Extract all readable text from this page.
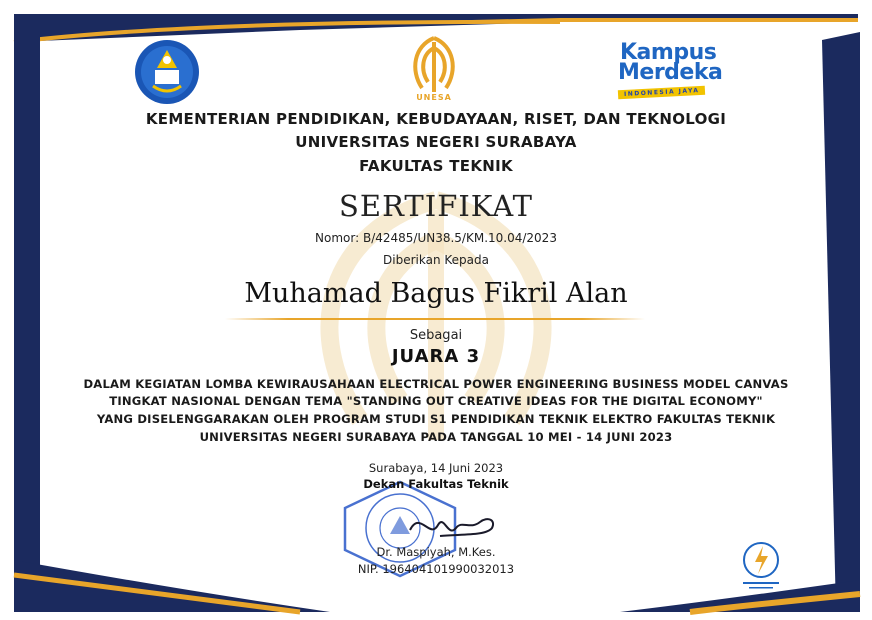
UNESA
Kampus
Merdeka
INDONESIA JAYA
KEMENTERIAN PENDIDIKAN, KEBUDAYAAN, RISET, DAN TEKNOLOGI
UNIVERSITAS NEGERI SURABAYA
FAKULTAS TEKNIK
SERTIFIKAT
Nomor: B/42485/UN38.5/KM.10.04/2023
Diberikan Kepada
Muhamad Bagus Fikril Alan
Sebagai
JUARA 3
DALAM KEGIATAN LOMBA KEWIRAUSAHAAN ELECTRICAL POWER ENGINEERING BUSINESS MODEL CANVAS
TINGKAT NASIONAL DENGAN TEMA "STANDING OUT CREATIVE IDEAS FOR THE DIGITAL ECONOMY"
YANG DISELENGGARAKAN OLEH PROGRAM STUDI S1 PENDIDIKAN TEKNIK ELEKTRO FAKULTAS TEKNIK
UNIVERSITAS NEGERI SURABAYA PADA TANGGAL 10 MEI - 14 JUNI 2023
Surabaya, 14 Juni 2023
Dekan Fakultas Teknik
Dr. Maspiyah, M.Kes.
NIP. 196404101990032013
